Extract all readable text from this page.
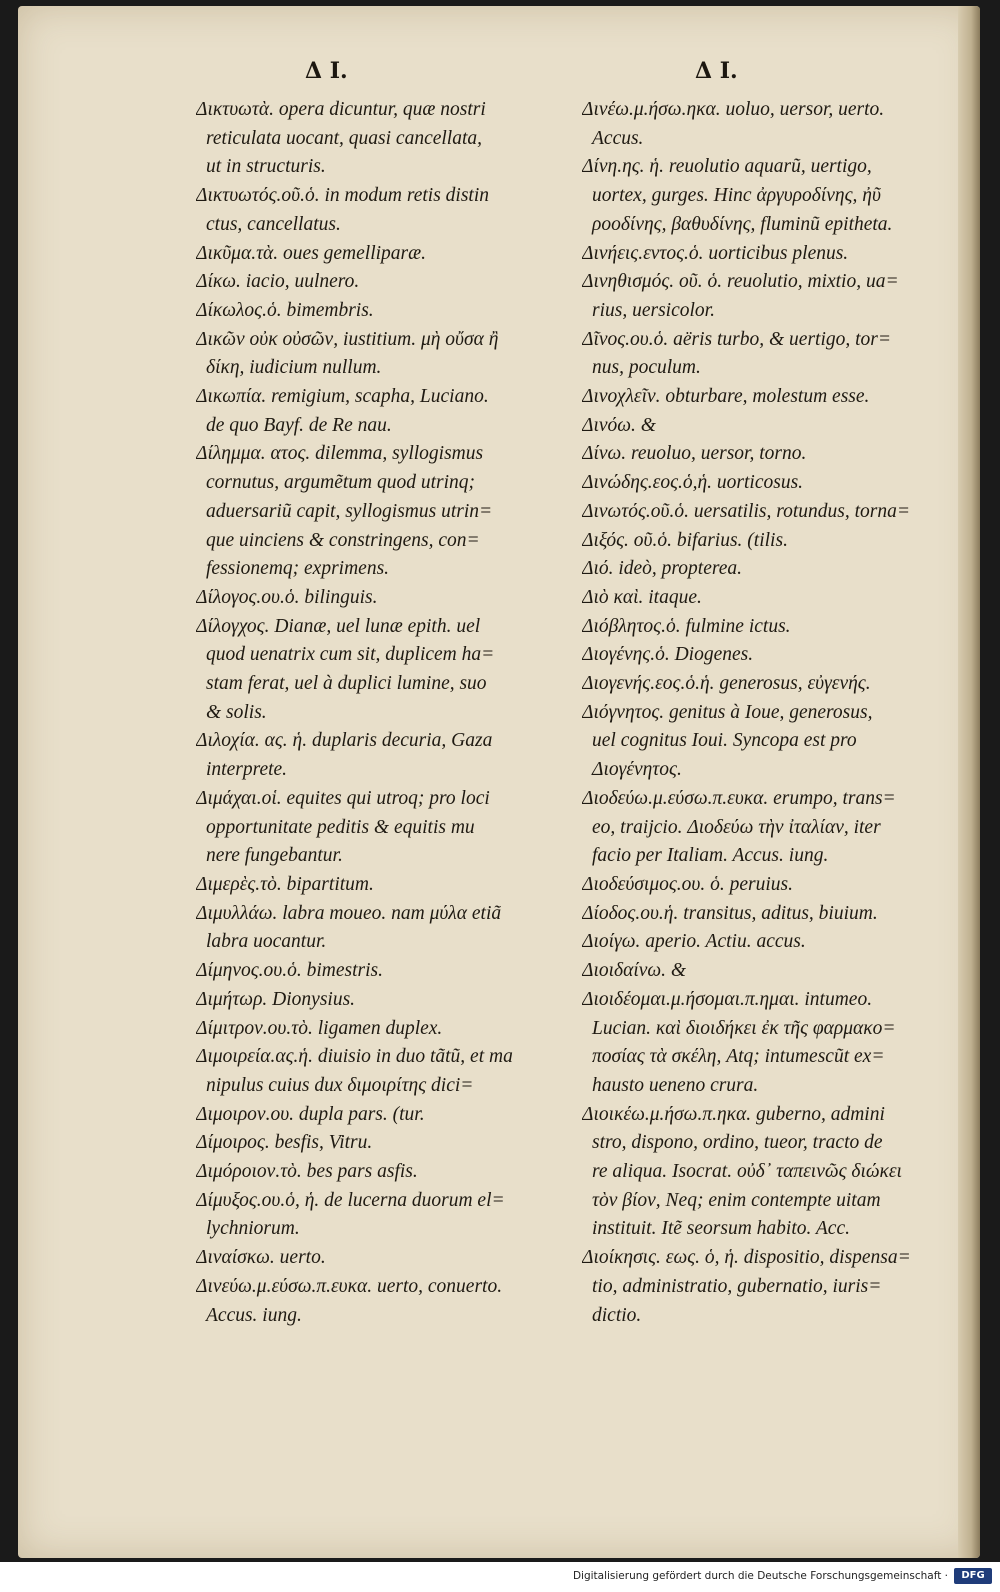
Δ I.	Δ I.
Δικτυωτὰ. opera dicuntur, quæ nostri
reticulata uocant, quasi cancellata,
ut in structuris.
Δικτυωτός.οῦ.ὁ. in modum retis distin
ctus, cancellatus.
Δικῦμα.τὰ. oues gemelliparæ.
Δίκω. iacio, uulnero.
Δίκωλος.ὁ. bimembris.
Δικῶν οὐκ οὐσῶν, iustitium. μὴ οὔσα ἢ
δίκη, iudicium nullum.
Δικωπία. remigium, scapha, Luciano.
de quo Bayf. de Re nau.
Δίλημμα. ατος. dilemma, syllogismus
cornutus, argumẽtum quod utrinq;
aduersariũ capit, syllogismus utrin=
que uinciens & constringens, con=
fessionemq; exprimens.
Δίλογος.ου.ὁ. bilinguis.
Δίλογχος. Dianæ, uel lunæ epith. uel
quod uenatrix cum sit, duplicem ha=
stam ferat, uel à duplici lumine, suo
& solis.
Διλοχία. ας. ἡ. duplaris decuria, Gaza
interprete.
Διμάχαι.οἱ. equites qui utroq; pro loci
opportunitate peditis & equitis mu
nere fungebantur.
Διμερὲς.τὸ. bipartitum.
Διμυλλάω. labra moueo. nam μύλα etiã
labra uocantur.
Δίμηνος.ου.ὁ. bimestris.
Διμήτωρ. Dionysius.
Δίμιτρον.ου.τὸ. ligamen duplex.
Διμοιρεία.ας.ἡ. diuisio in duo tãtũ, et ma
nipulus cuius dux διμοιρίτης dici=
Διμοιρον.ου. dupla pars. (tur.
Δίμοιρος. besfis, Vitru.
Διμόροιον.τὸ. bes pars asfis.
Δίμυξος.ου.ὁ, ἡ. de lucerna duorum el=
lychniorum.
Διναίσκω. uerto.
Δινεύω.μ.εύσω.π.ευκα. uerto, conuerto.
Accus. iung.
Δινέω.μ.ήσω.ηκα. uoluo, uersor, uerto.
Accus.
Δίνη.ης. ἡ. reuolutio aquarũ, uertigo,
uortex, gurges. Hinc ἀργυροδίνης, ἠῦ
ροοδίνης, βαθυδίνης, fluminũ epitheta.
Δινήεις.εντος.ὁ. uorticibus plenus.
Δινηθισμός. οῦ. ὁ. reuolutio, mixtio, ua=
rius, uersicolor.
Δῖνος.ου.ὁ. aëris turbo, & uertigo, tor=
nus, poculum.
Δινοχλεῖν. obturbare, molestum esse.
Δινόω. &
Δίνω. reuoluo, uersor, torno.
Δινώδης.εος.ὁ,ἡ. uorticosus.
Δινωτός.οῦ.ὁ. uersatilis, rotundus, torna=
Διξός. οῦ.ὁ. bifarius. (tilis.
Διό. ideò, propterea.
Διὸ καὶ. itaque.
Διόβλητος.ὁ. fulmine ictus.
Διογένης.ὁ. Diogenes.
Διογενής.εος.ὁ.ἡ. generosus, εὐγενής.
Διόγνητος. genitus à Ioue, generosus,
uel cognitus Ioui. Syncopa est pro
Διογένητος.
Διοδεύω.μ.εύσω.π.ευκα. erumpo, trans=
eo, traijcio. Διοδεύω τὴν ἰταλίαν, iter
facio per Italiam. Accus. iung.
Διοδεύσιμος.ου. ὁ. peruius.
Δίοδος.ου.ἡ. transitus, aditus, biuium.
Διοίγω. aperio. Actiu. accus.
Διοιδαίνω. &
Διοιδέομαι.μ.ήσομαι.π.ημαι. intumeo.
Lucian. καὶ διοιδήκει ἐκ τῆς φαρμακο=
ποσίας τὰ σκέλη, Atq; intumescũt ex=
hausto ueneno crura.
Διοικέω.μ.ήσω.π.ηκα. guberno, admini
stro, dispono, ordino, tueor, tracto de
re aliqua. Isocrat. οὐδ᾽ ταπεινῶς διώκει
τὸν βίον, Neq; enim contempte uitam
instituit. Itẽ seorsum habito. Acc.
Διοίκησις. εως. ὁ, ἡ. dispositio, dispensa=
tio, administratio, gubernatio, iuris=
dictio.
Digitalisierung gefördert durch die Deutsche Forschungsgemeinschaft ·	DFG
